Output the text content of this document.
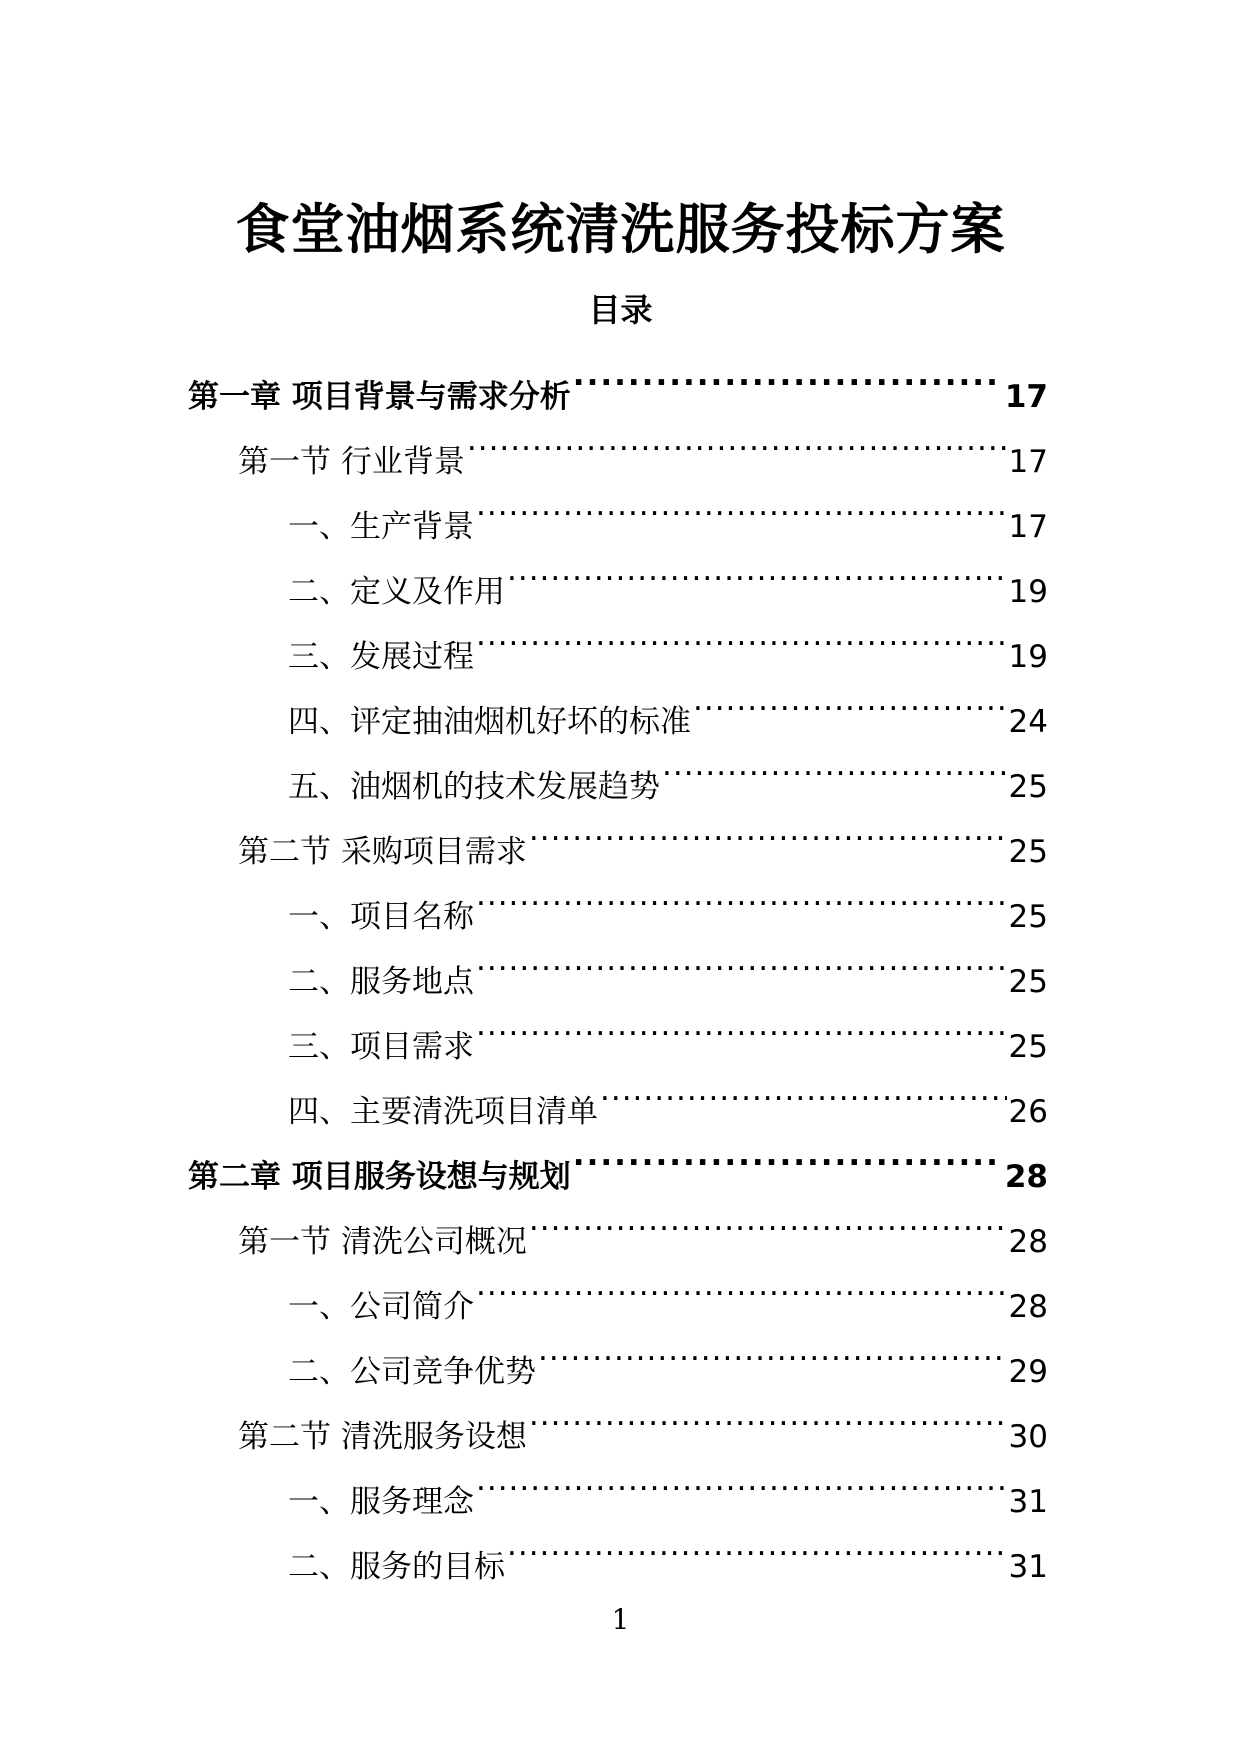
食堂油烟系统清洗服务投标方案
目录
第一章 项目背景与需求分析 .....	17
第一节 行业背景 .....	17
一、生产背景 .....	17
二、定义及作用 .....	19
三、发展过程 .....	19
四、评定抽油烟机好坏的标准 .....	24
五、油烟机的技术发展趋势 .....	25
第二节 采购项目需求 .....	25
一、项目名称 .....	25
二、服务地点 .....	25
三、项目需求 .....	25
四、主要清洗项目清单 .....	26
第二章 项目服务设想与规划 .....	28
第一节 清洗公司概况 .....	28
一、公司简介 .....	28
二、公司竞争优势 .....	29
第二节 清洗服务设想 .....	30
一、服务理念 .....	31
二、服务的目标 .....	31
1
